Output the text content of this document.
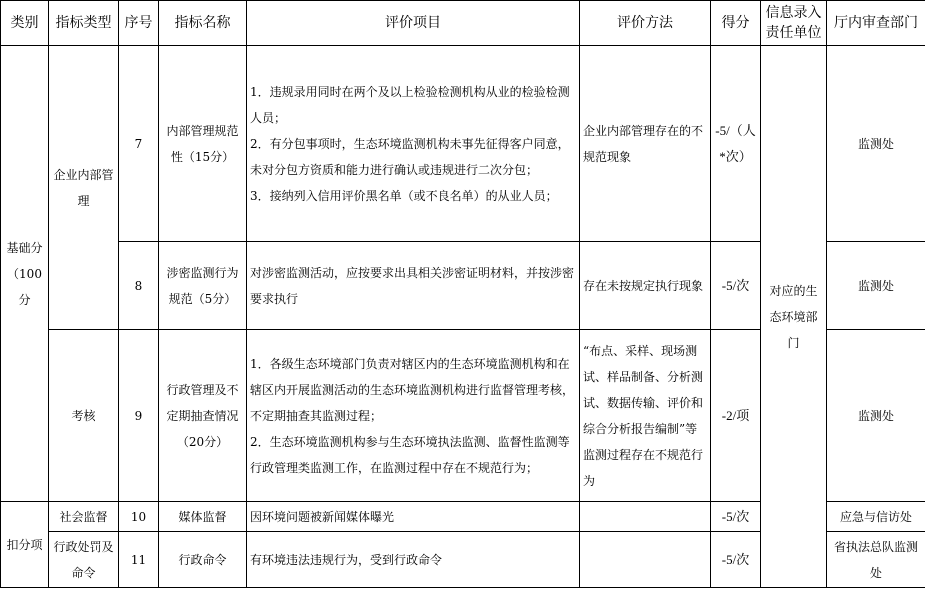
类别	指标类型	序号	指标名称	评价项目	评价方法	得分	信息录入责任单位	厅内审查部门
基础分（100分	企业内部管理	7	内部管理规范性（15分）	1．违规录用同时在两个及以上检验检测机构从业的检验检测人员；
2．有分包事项时，生态环境监测机构未事先征得客户同意，未对分包方资质和能力进行确认或违规进行二次分包；
3．接纳列入信用评价黑名单（或不良名单）的从业人员；	企业内部管理存在的不规范现象	-5/（人*次）	对应的生态环境部门	监测处
		8	涉密监测行为规范（5分）	对涉密监测活动，应按要求出具相关涉密证明材料，并按涉密要求执行	存在未按规定执行现象	-5/次		监测处
	考核	9	行政管理及不定期抽查情况（20分）	1．各级生态环境部门负责对辖区内的生态环境监测机构和在辖区内开展监测活动的生态环境监测机构进行监督管理考核，不定期抽查其监测过程；
2．生态环境监测机构参与生态环境执法监测、监督性监测等行政管理类监测工作，在监测过程中存在不规范行为；	“布点、采样、现场测试、样品制备、分析测试、数据传输、评价和综合分析报告编制”等监测过程存在不规范行为	-2/项		监测处
扣分项	社会监督	10	媒体监督	因环境问题被新闻媒体曝光		-5/次		应急与信访处
	行政处罚及命令	11	行政命令	有环境违法违规行为，受到行政命令		-5/次		省执法总队监测处
